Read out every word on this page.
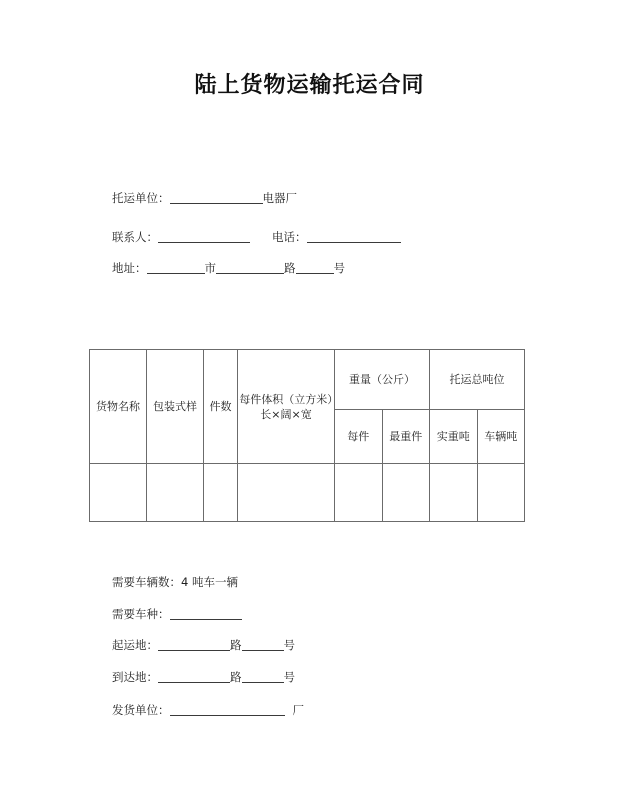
陆上货物运输托运合同
托运单位：	电器厂
联系人：	电话：
地址：	市	路	号
货物名称	包装式样	件数	每件体积（立方米）长×阔×宽	重量（公斤）		托运总吨位	
				每件	最重件	实重吨	车辆吨

需要车辆数：4 吨车一辆
需要车种：
起运地：	路	号
到达地：	路	号
发货单位：	厂
